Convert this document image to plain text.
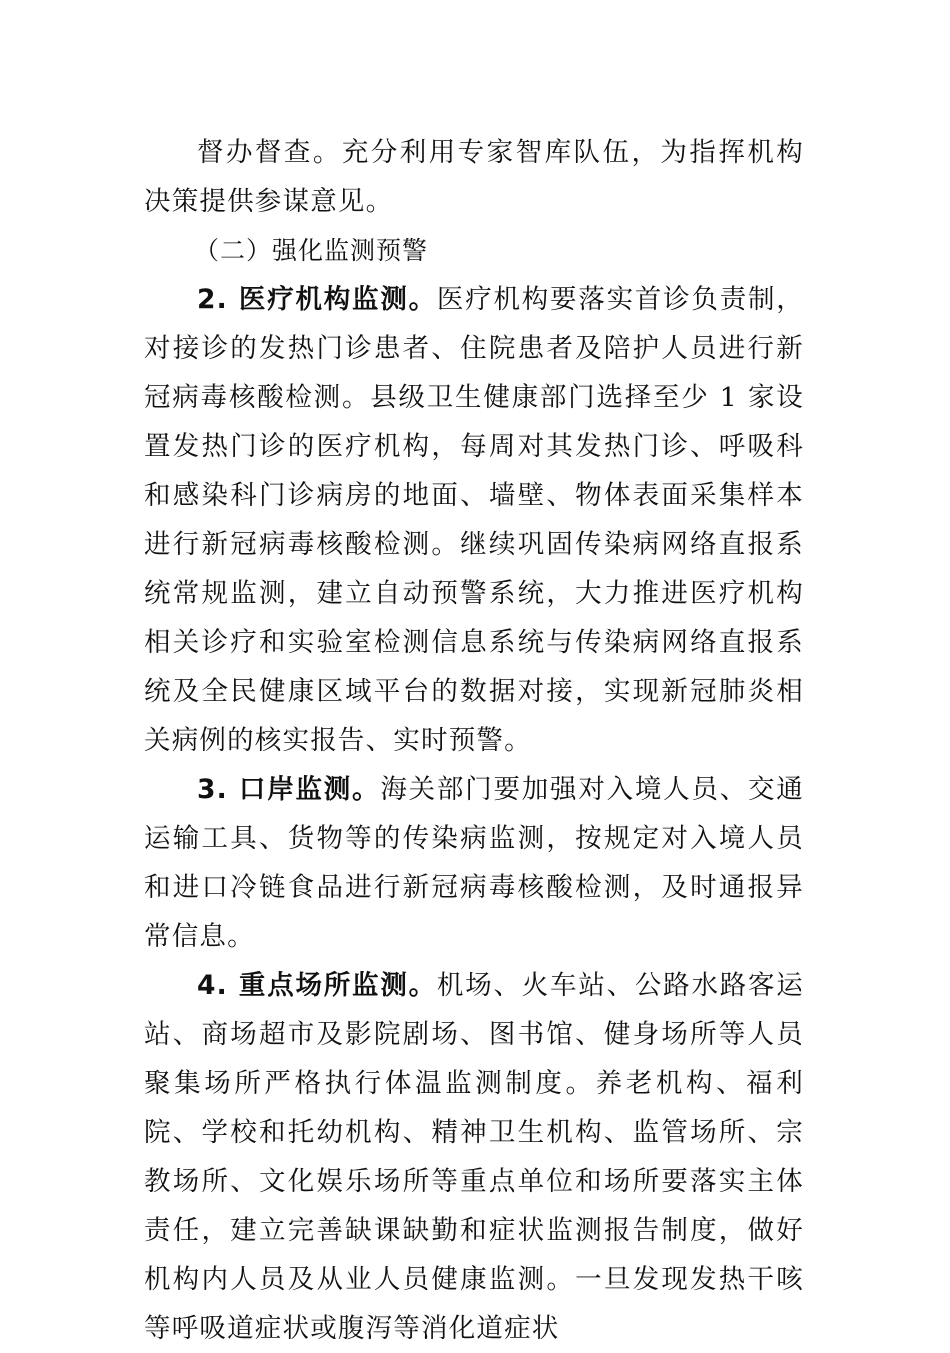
督办督查。充分利用专家智库队伍，为指挥机构决策提供参谋意见。

（二）强化监测预警

2. 医疗机构监测。医疗机构要落实首诊负责制，对接诊的发热门诊患者、住院患者及陪护人员进行新冠病毒核酸检测。县级卫生健康部门选择至少 1 家设置发热门诊的医疗机构，每周对其发热门诊、呼吸科和感染科门诊病房的地面、墙壁、物体表面采集样本进行新冠病毒核酸检测。继续巩固传染病网络直报系统常规监测，建立自动预警系统，大力推进医疗机构相关诊疗和实验室检测信息系统与传染病网络直报系统及全民健康区域平台的数据对接，实现新冠肺炎相关病例的核实报告、实时预警。

3. 口岸监测。海关部门要加强对入境人员、交通运输工具、货物等的传染病监测，按规定对入境人员和进口冷链食品进行新冠病毒核酸检测，及时通报异常信息。

4. 重点场所监测。机场、火车站、公路水路客运站、商场超市及影院剧场、图书馆、健身场所等人员聚集场所严格执行体温监测制度。养老机构、福利院、学校和托幼机构、精神卫生机构、监管场所、宗教场所、文化娱乐场所等重点单位和场所要落实主体责任，建立完善缺课缺勤和症状监测报告制度，做好机构内人员及从业人员健康监测。一旦发现发热干咳等呼吸道症状或腹泻等消化道症状
